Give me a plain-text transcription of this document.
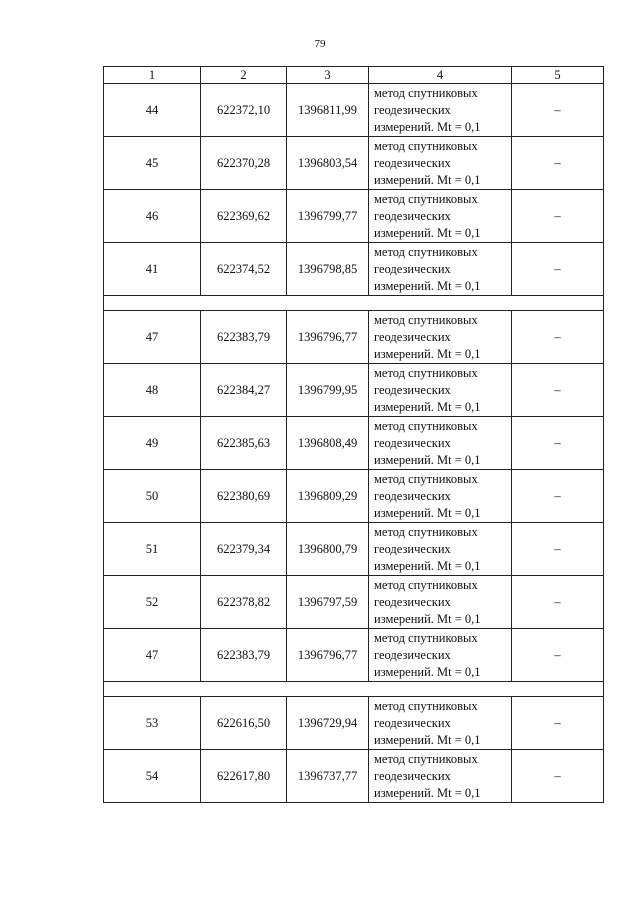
79
1	2	3	4	5
44	622372,10	1396811,99	метод спутниковых
геодезических
измерений. Mt = 0,1	–
45	622370,28	1396803,54	метод спутниковых
геодезических
измерений. Mt = 0,1	–
46	622369,62	1396799,77	метод спутниковых
геодезических
измерений. Mt = 0,1	–
41	622374,52	1396798,85	метод спутниковых
геодезических
измерений. Mt = 0,1	–

47	622383,79	1396796,77	метод спутниковых
геодезических
измерений. Mt = 0,1	–
48	622384,27	1396799,95	метод спутниковых
геодезических
измерений. Mt = 0,1	–
49	622385,63	1396808,49	метод спутниковых
геодезических
измерений. Mt = 0,1	–
50	622380,69	1396809,29	метод спутниковых
геодезических
измерений. Mt = 0,1	–
51	622379,34	1396800,79	метод спутниковых
геодезических
измерений. Mt = 0,1	–
52	622378,82	1396797,59	метод спутниковых
геодезических
измерений. Mt = 0,1	–
47	622383,79	1396796,77	метод спутниковых
геодезических
измерений. Mt = 0,1	–

53	622616,50	1396729,94	метод спутниковых
геодезических
измерений. Mt = 0,1	–
54	622617,80	1396737,77	метод спутниковых
геодезических
измерений. Mt = 0,1	–
